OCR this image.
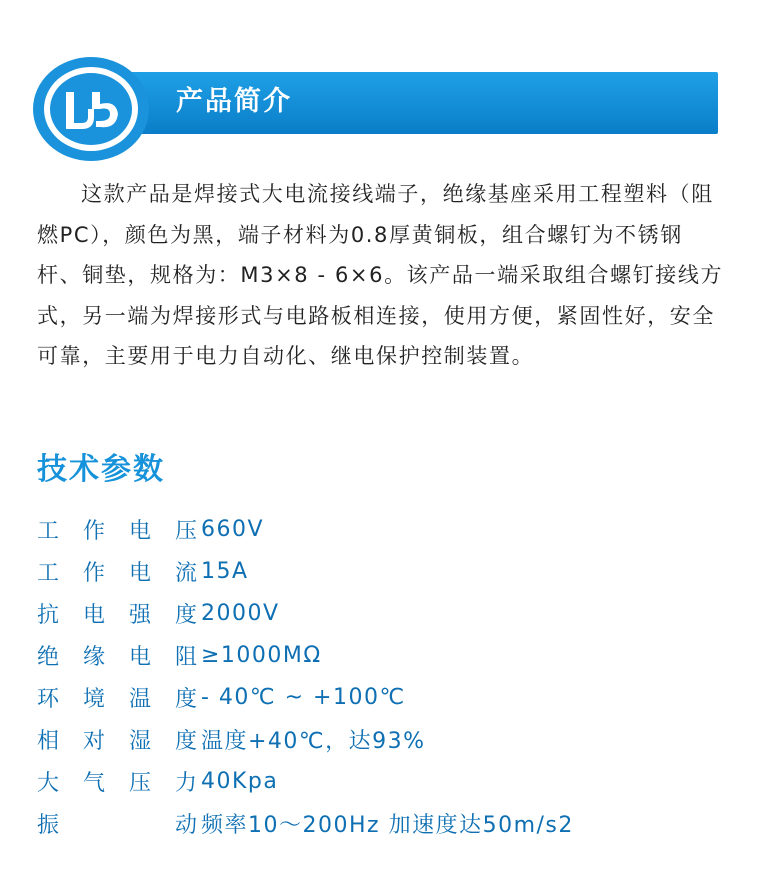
产品简介

这款产品是焊接式大电流接线端子，绝缘基座采用工程塑料（阻燃PC），颜色为黑，端子材料为0.8厚黄铜板，组合螺钉为不锈钢杆、铜垫，规格为：M3×8 - 6×6。该产品一端采取组合螺钉接线方式，另一端为焊接形式与电路板相连接，使用方便，紧固性好，安全可靠，主要用于电力自动化、继电保护控制装置。

技术参数
工 作 电 压 660V
工 作 电 流 15A
抗 电 强 度 2000V
绝 缘 电 阻 ≥1000MΩ
环 境 温 度 - 40℃ ~ +100℃
相 对 湿 度 温度+40℃，达93%
大 气 压 力 40Kpa
振	动 频率10～200Hz 加速度达50m/s2
